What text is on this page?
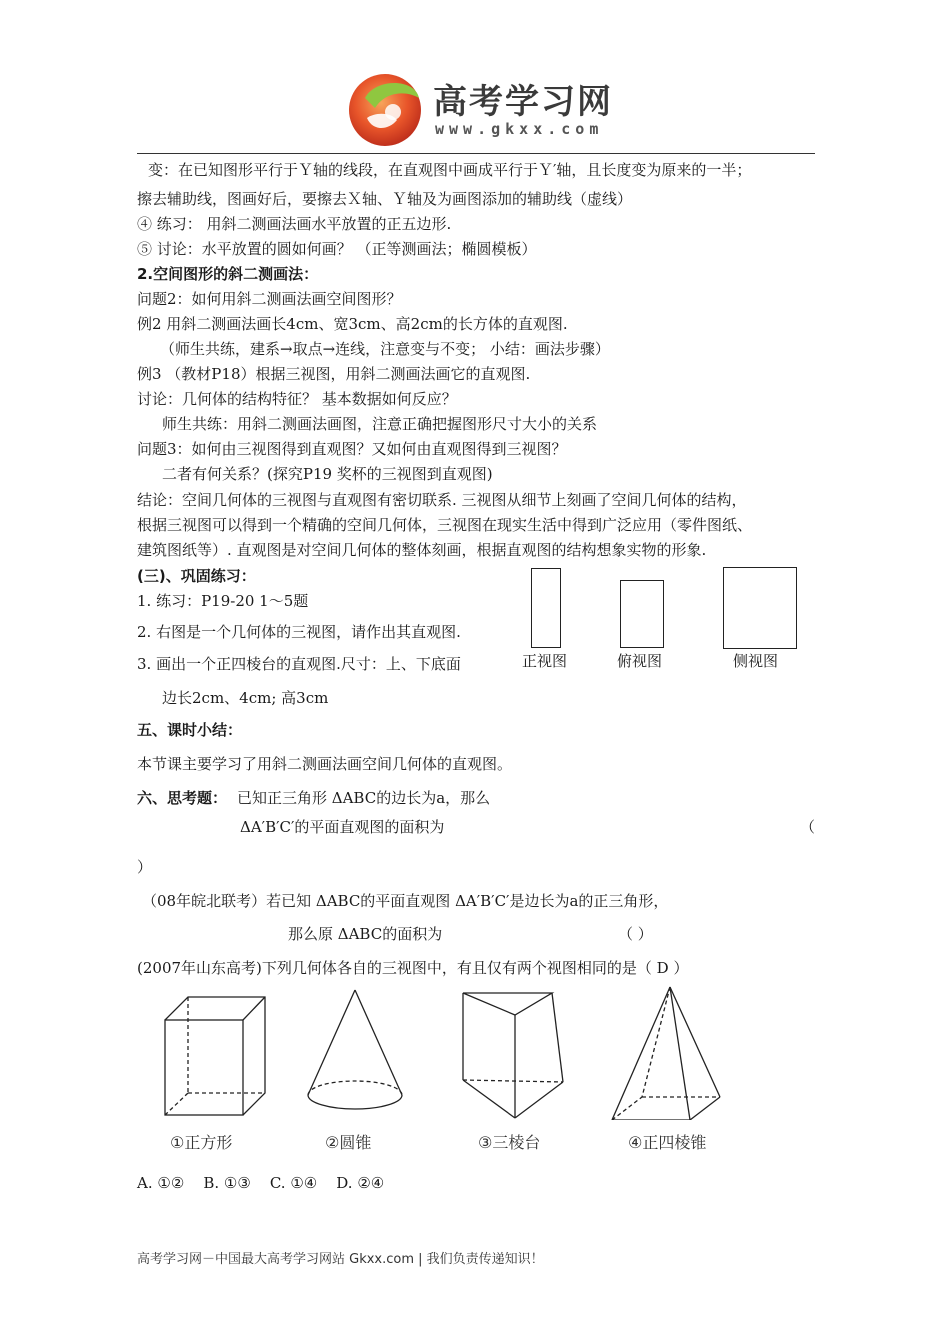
高考学习网
www.gkxx.com
变：在已知图形平行于Ｙ轴的线段，在直观图中画成平行于Ｙ′轴，且长度变为原来的一半；
擦去辅助线，图画好后，要擦去Ｘ轴、Ｙ轴及为画图添加的辅助线（虚线）
④ 练习： 用斜二测画法画水平放置的正五边形.
⑤ 讨论：水平放置的圆如何画？ （正等测画法；椭圆模板）
2.空间图形的斜二测画法：
问题2：如何用斜二测画法画空间图形？
例2 用斜二测画法画长4cm、宽3cm、高2cm的长方体的直观图.
（师生共练，建系→取点→连线，注意变与不变； 小结：画法步骤）
例3 （教材P18）根据三视图，用斜二测画法画它的直观图.
讨论：几何体的结构特征？ 基本数据如何反应？
师生共练：用斜二测画法画图，注意正确把握图形尺寸大小的关系
问题3：如何由三视图得到直观图？又如何由直观图得到三视图？
二者有何关系？(探究P19 奖杯的三视图到直观图)
结论：空间几何体的三视图与直观图有密切联系. 三视图从细节上刻画了空间几何体的结构，
根据三视图可以得到一个精确的空间几何体，三视图在现实生活中得到广泛应用（零件图纸、
建筑图纸等）. 直观图是对空间几何体的整体刻画，根据直观图的结构想象实物的形象.
(三)、巩固练习：
1. 练习：P19-20 1～5题
2. 右图是一个几何体的三视图，请作出其直观图.
3. 画出一个正四棱台的直观图.尺寸：上、下底面
边长2cm、4cm; 高3cm
正视图	俯视图	侧视图
五、课时小结：
本节课主要学习了用斜二测画法画空间几何体的直观图。
六、思考题： 已知正三角形 ΔABC的边长为a，那么
ΔA′B′C′的平面直观图的面积为	（
）
（08年皖北联考）若已知 ΔABC的平面直观图 ΔA′B′C′是边长为a的正三角形，
那么原 ΔABC的面积为	（ ）
(2007年山东高考)下列几何体各自的三视图中，有且仅有两个视图相同的是（ D ）
①正方形	②圆锥	③三棱台	④正四棱锥
A. ①②    B. ①③    C. ①④    D. ②④
高考学习网－中国最大高考学习网站 Gkxx.com | 我们负责传递知识！
